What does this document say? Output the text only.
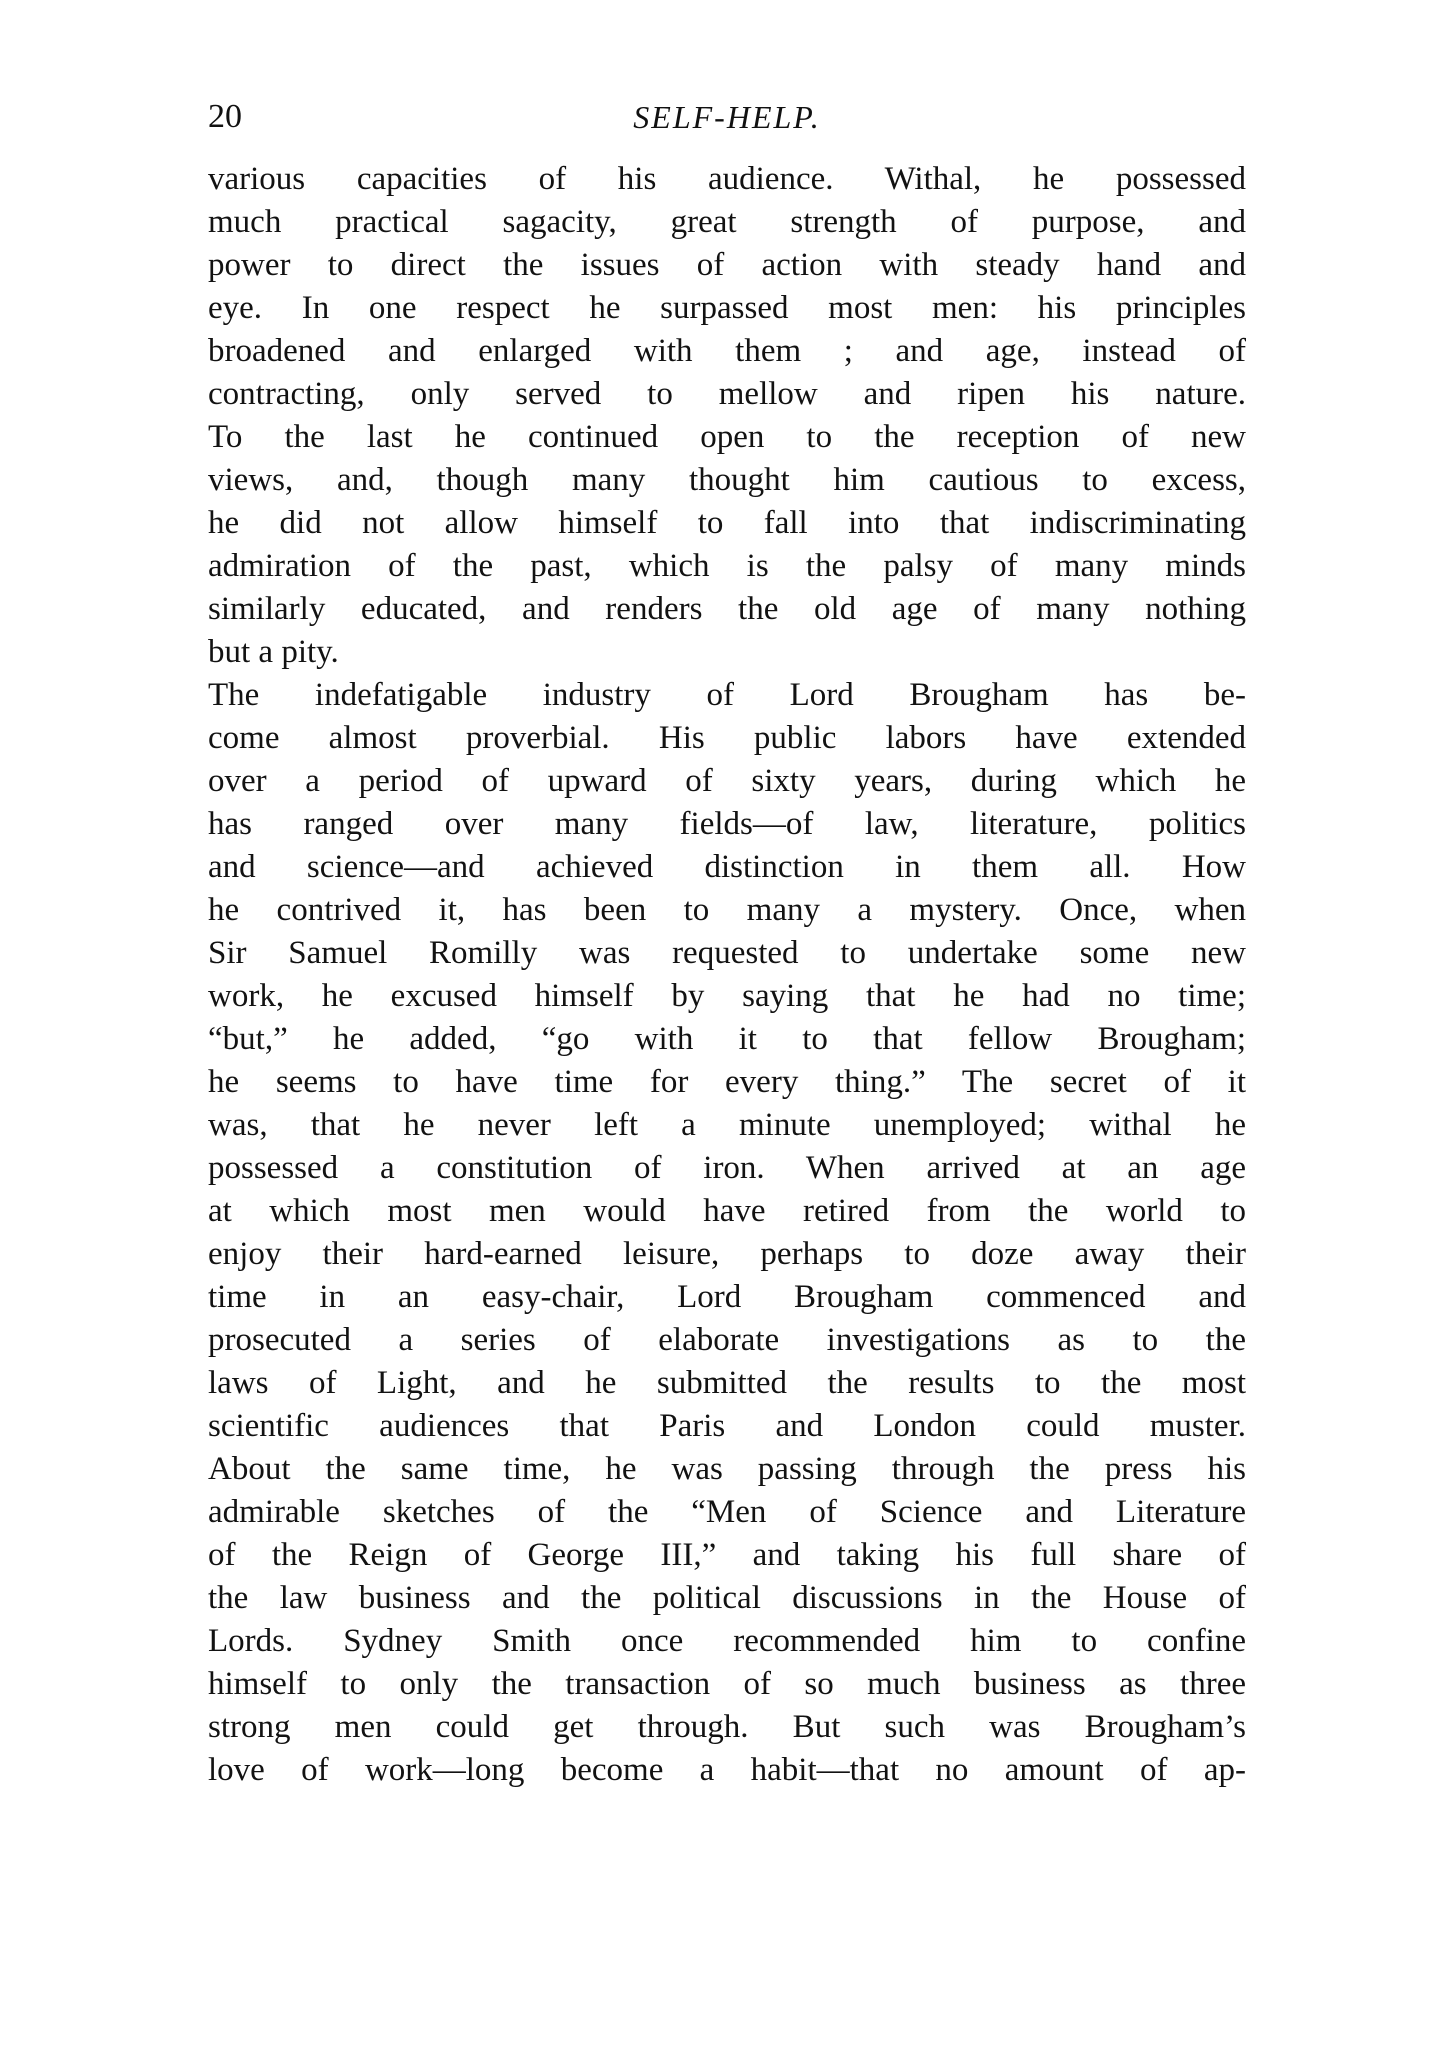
20	SELF-HELP.
various capacities of his audience. Withal, he possessed
much practical sagacity, great strength of purpose, and
power to direct the issues of action with steady hand and
eye. In one respect he surpassed most men: his principles
broadened and enlarged with them ; and age, instead of
contracting, only served to mellow and ripen his nature.
To the last he continued open to the reception of new
views, and, though many thought him cautious to excess,
he did not allow himself to fall into that indiscriminating
admiration of the past, which is the palsy of many minds
similarly educated, and renders the old age of many nothing
but a pity.
The indefatigable industry of Lord Brougham has be-
come almost proverbial. His public labors have extended
over a period of upward of sixty years, during which he
has ranged over many fields—of law, literature, politics
and science—and achieved distinction in them all. How
he contrived it, has been to many a mystery. Once, when
Sir Samuel Romilly was requested to undertake some new
work, he excused himself by saying that he had no time;
“but,” he added, “go with it to that fellow Brougham;
he seems to have time for every thing.” The secret of it
was, that he never left a minute unemployed; withal he
possessed a constitution of iron. When arrived at an age
at which most men would have retired from the world to
enjoy their hard-earned leisure, perhaps to doze away their
time in an easy-chair, Lord Brougham commenced and
prosecuted a series of elaborate investigations as to the
laws of Light, and he submitted the results to the most
scientific audiences that Paris and London could muster.
About the same time, he was passing through the press his
admirable sketches of the “Men of Science and Literature
of the Reign of George III,” and taking his full share of
the law business and the political discussions in the House of
Lords. Sydney Smith once recommended him to confine
himself to only the transaction of so much business as three
strong men could get through. But such was Brougham’s
love of work—long become a habit—that no amount of ap-
